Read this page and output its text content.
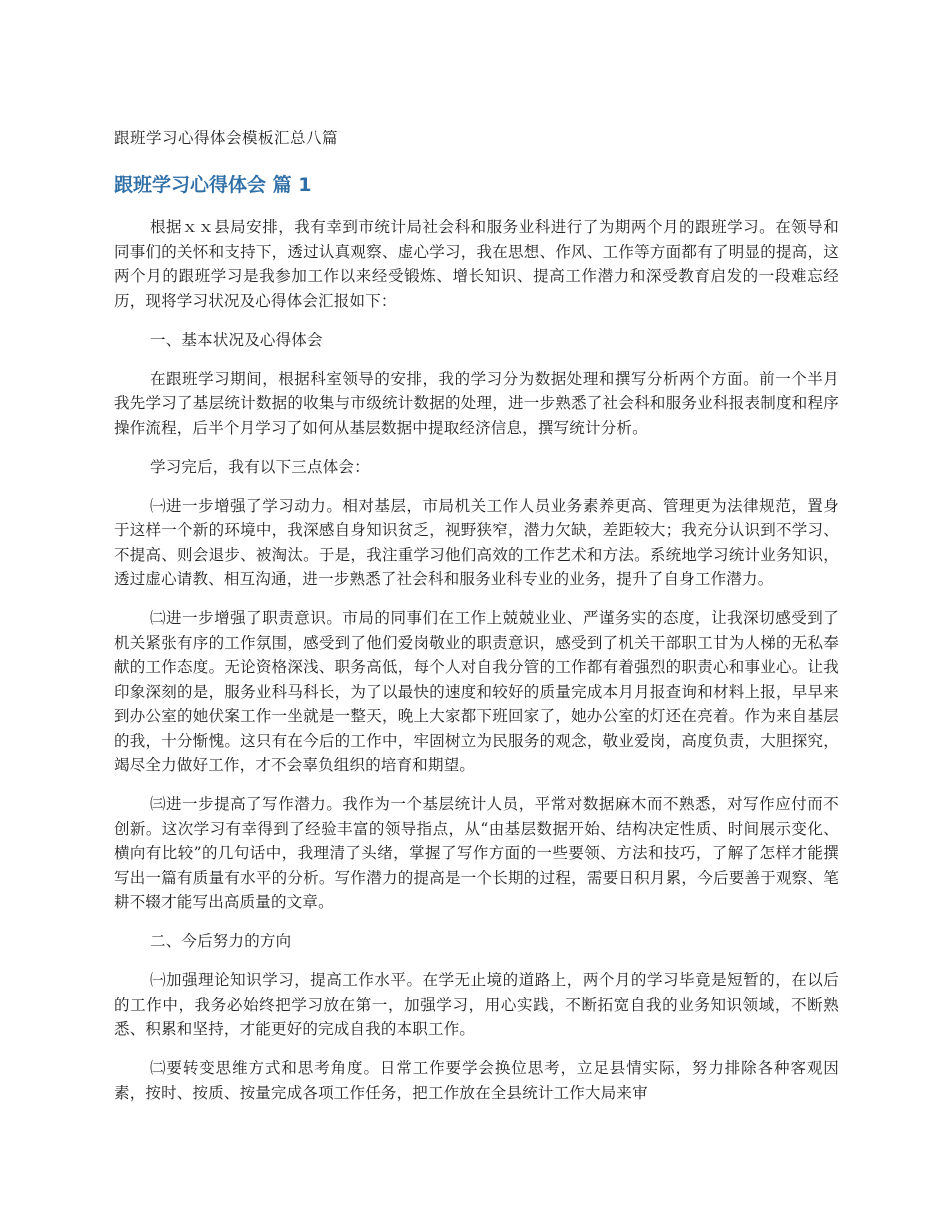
跟班学习心得体会模板汇总八篇
跟班学习心得体会 篇 1

根据ｘｘ县局安排，我有幸到市统计局社会科和服务业科进行了为期两个月的跟班学习。在领导和同事们的关怀和支持下，透过认真观察、虚心学习，我在思想、作风、工作等方面都有了明显的提高，这两个月的跟班学习是我参加工作以来经受锻炼、增长知识、提高工作潜力和深受教育启发的一段难忘经历，现将学习状况及心得体会汇报如下：

一、基本状况及心得体会

在跟班学习期间，根据科室领导的安排，我的学习分为数据处理和撰写分析两个方面。前一个半月我先学习了基层统计数据的收集与市级统计数据的处理，进一步熟悉了社会科和服务业科报表制度和程序操作流程，后半个月学习了如何从基层数据中提取经济信息，撰写统计分析。

学习完后，我有以下三点体会：

㈠进一步增强了学习动力。相对基层，市局机关工作人员业务素养更高、管理更为法律规范，置身于这样一个新的环境中，我深感自身知识贫乏，视野狭窄，潜力欠缺，差距较大；我充分认识到不学习、不提高、则会退步、被淘汰。于是，我注重学习他们高效的工作艺术和方法。系统地学习统计业务知识，透过虚心请教、相互沟通，进一步熟悉了社会科和服务业科专业的业务，提升了自身工作潜力。

㈡进一步增强了职责意识。市局的同事们在工作上兢兢业业、严谨务实的态度，让我深切感受到了机关紧张有序的工作氛围，感受到了他们爱岗敬业的职责意识，感受到了机关干部职工甘为人梯的无私奉献的工作态度。无论资格深浅、职务高低，每个人对自我分管的工作都有着强烈的职责心和事业心。让我印象深刻的是，服务业科马科长，为了以最快的速度和较好的质量完成本月月报查询和材料上报，早早来到办公室的她伏案工作一坐就是一整天，晚上大家都下班回家了，她办公室的灯还在亮着。作为来自基层的我，十分惭愧。这只有在今后的工作中，牢固树立为民服务的观念，敬业爱岗，高度负责，大胆探究，竭尽全力做好工作，才不会辜负组织的培育和期望。

㈢进一步提高了写作潜力。我作为一个基层统计人员，平常对数据麻木而不熟悉，对写作应付而不创新。这次学习有幸得到了经验丰富的领导指点，从“由基层数据开始、结构决定性质、时间展示变化、横向有比较”的几句话中，我理清了头绪，掌握了写作方面的一些要领、方法和技巧，了解了怎样才能撰写出一篇有质量有水平的分析。写作潜力的提高是一个长期的过程，需要日积月累，今后要善于观察、笔耕不辍才能写出高质量的文章。

二、今后努力的方向

㈠加强理论知识学习，提高工作水平。在学无止境的道路上，两个月的学习毕竟是短暂的，在以后的工作中，我务必始终把学习放在第一，加强学习，用心实践，不断拓宽自我的业务知识领域，不断熟悉、积累和坚持，才能更好的完成自我的本职工作。

㈡要转变思维方式和思考角度。日常工作要学会换位思考，立足县情实际，努力排除各种客观因素，按时、按质、按量完成各项工作任务，把工作放在全县统计工作大局来审
